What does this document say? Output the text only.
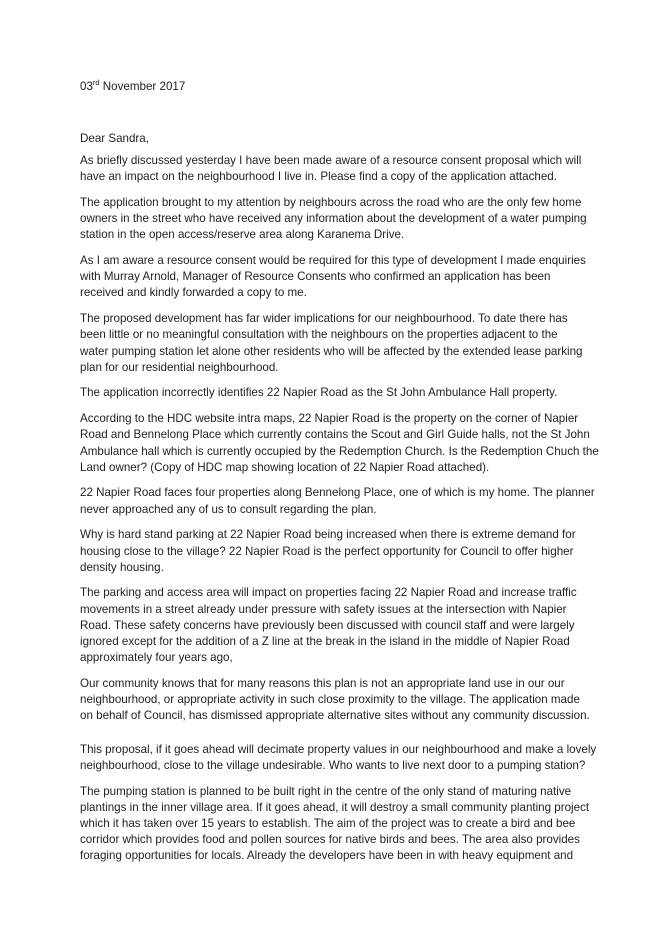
03rd November 2017
Dear Sandra,

As briefly discussed yesterday I have been made aware of a resource consent proposal which will
have an impact on the neighbourhood I live in. Please find a copy of the application attached.

The application brought to my attention by neighbours across the road who are the only few home
owners in the street who have received any information about the development of a water pumping
station in the open access/reserve area along Karanema Drive.

As I am aware a resource consent would be required for this type of development I made enquiries
with Murray Arnold, Manager of Resource Consents who confirmed an application has been
received and kindly forwarded a copy to me.

The proposed development has far wider implications for our neighbourhood. To date there has
been little or no meaningful consultation with the neighbours on the properties adjacent to the
water pumping station let alone other residents who will be affected by the extended lease parking
plan for our residential neighbourhood.

The application incorrectly identifies 22 Napier Road as the St John Ambulance Hall property.

According to the HDC website intra maps, 22 Napier Road is the property on the corner of Napier
Road and Bennelong Place which currently contains the Scout and Girl Guide halls, not the St John
Ambulance hall which is currently occupied by the Redemption Church. Is the Redemption Chuch the
Land owner? (Copy of HDC map showing location of 22 Napier Road attached).

22 Napier Road faces four properties along Bennelong Place, one of which is my home. The planner
never approached any of us to consult regarding the plan.

Why is hard stand parking at 22 Napier Road being increased when there is extreme demand for
housing close to the village? 22 Napier Road is the perfect opportunity for Council to offer higher
density housing.

The parking and access area will impact on properties facing 22 Napier Road and increase traffic
movements in a street already under pressure with safety issues at the intersection with Napier
Road. These safety concerns have previously been discussed with council staff and were largely
ignored except for the addition of a Z line at the break in the island in the middle of Napier Road
approximately four years ago,

Our community knows that for many reasons this plan is not an appropriate land use in our our
neighbourhood, or appropriate activity in such close proximity to the village. The application made
on behalf of Council, has dismissed appropriate alternative sites without any community discussion.

This proposal, if it goes ahead will decimate property values in our neighbourhood and make a lovely
neighbourhood, close to the village undesirable. Who wants to live next door to a pumping station?

The pumping station is planned to be built right in the centre of the only stand of maturing native
plantings in the inner village area. If it goes ahead, it will destroy a small community planting project
which it has taken over 15 years to establish. The aim of the project was to create a bird and bee
corridor which provides food and pollen sources for native birds and bees. The area also provides
foraging opportunities for locals. Already the developers have been in with heavy equipment and
